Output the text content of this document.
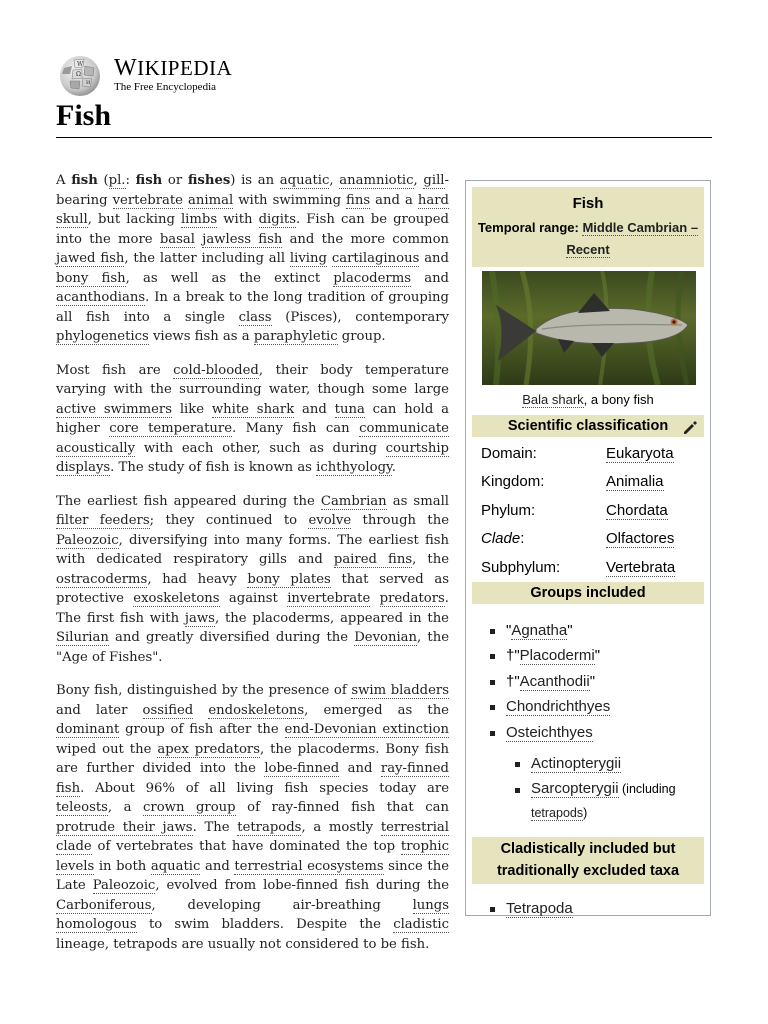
W
Ω
И
WIKIPEDIA
The Free Encyclopedia
Fish

A fish (pl.: fish or fishes) is an aquatic, anamniotic, gill-bearing vertebrate animal with swimming fins and a hard skull, but lacking limbs with digits. Fish can be grouped into the more basal jawless fish and the more common jawed fish, the latter including all living cartilaginous and bony fish, as well as the extinct placoderms and acanthodians. In a break to the long tradition of grouping all fish into a single class (Pisces), contemporary phylogenetics views fish as a paraphyletic group.

Most fish are cold-blooded, their body temperature varying with the surrounding water, though some large active swimmers like white shark and tuna can hold a higher core temperature. Many fish can communicate acoustically with each other, such as during courtship displays. The study of fish is known as ichthyology.

The earliest fish appeared during the Cambrian as small filter feeders; they continued to evolve through the Paleozoic, diversifying into many forms. The earliest fish with dedicated respiratory gills and paired fins, the ostracoderms, had heavy bony plates that served as protective exoskeletons against invertebrate predators. The first fish with jaws, the placoderms, appeared in the Silurian and greatly diversified during the Devonian, the "Age of Fishes".

Bony fish, distinguished by the presence of swim bladders and later ossified endoskeletons, emerged as the dominant group of fish after the end-Devonian extinction wiped out the apex predators, the placoderms. Bony fish are further divided into the lobe-finned and ray-finned fish. About 96% of all living fish species today are teleosts, a crown group of ray-finned fish that can protrude their jaws. The tetrapods, a mostly terrestrial clade of vertebrates that have dominated the top trophic levels in both aquatic and terrestrial ecosystems since the Late Paleozoic, evolved from lobe-finned fish during the Carboniferous, developing air-breathing lungs homologous to swim bladders. Despite the cladistic lineage, tetrapods are usually not considered to be fish.

Fish
Temporal range: Middle Cambrian – Recent
Bala shark, a bony fish
Scientific classification
Domain:	Eukaryota
Kingdom:	Animalia
Phylum:	Chordata
Clade:	Olfactores
Subphylum:	Vertebrata
Groups included
"Agnatha"
†"Placodermi"
†"Acanthodii"
Chondrichthyes
Osteichthyes
Actinopterygii
Sarcopterygii (including tetrapods)
Cladistically included but traditionally excluded taxa
Tetrapoda
